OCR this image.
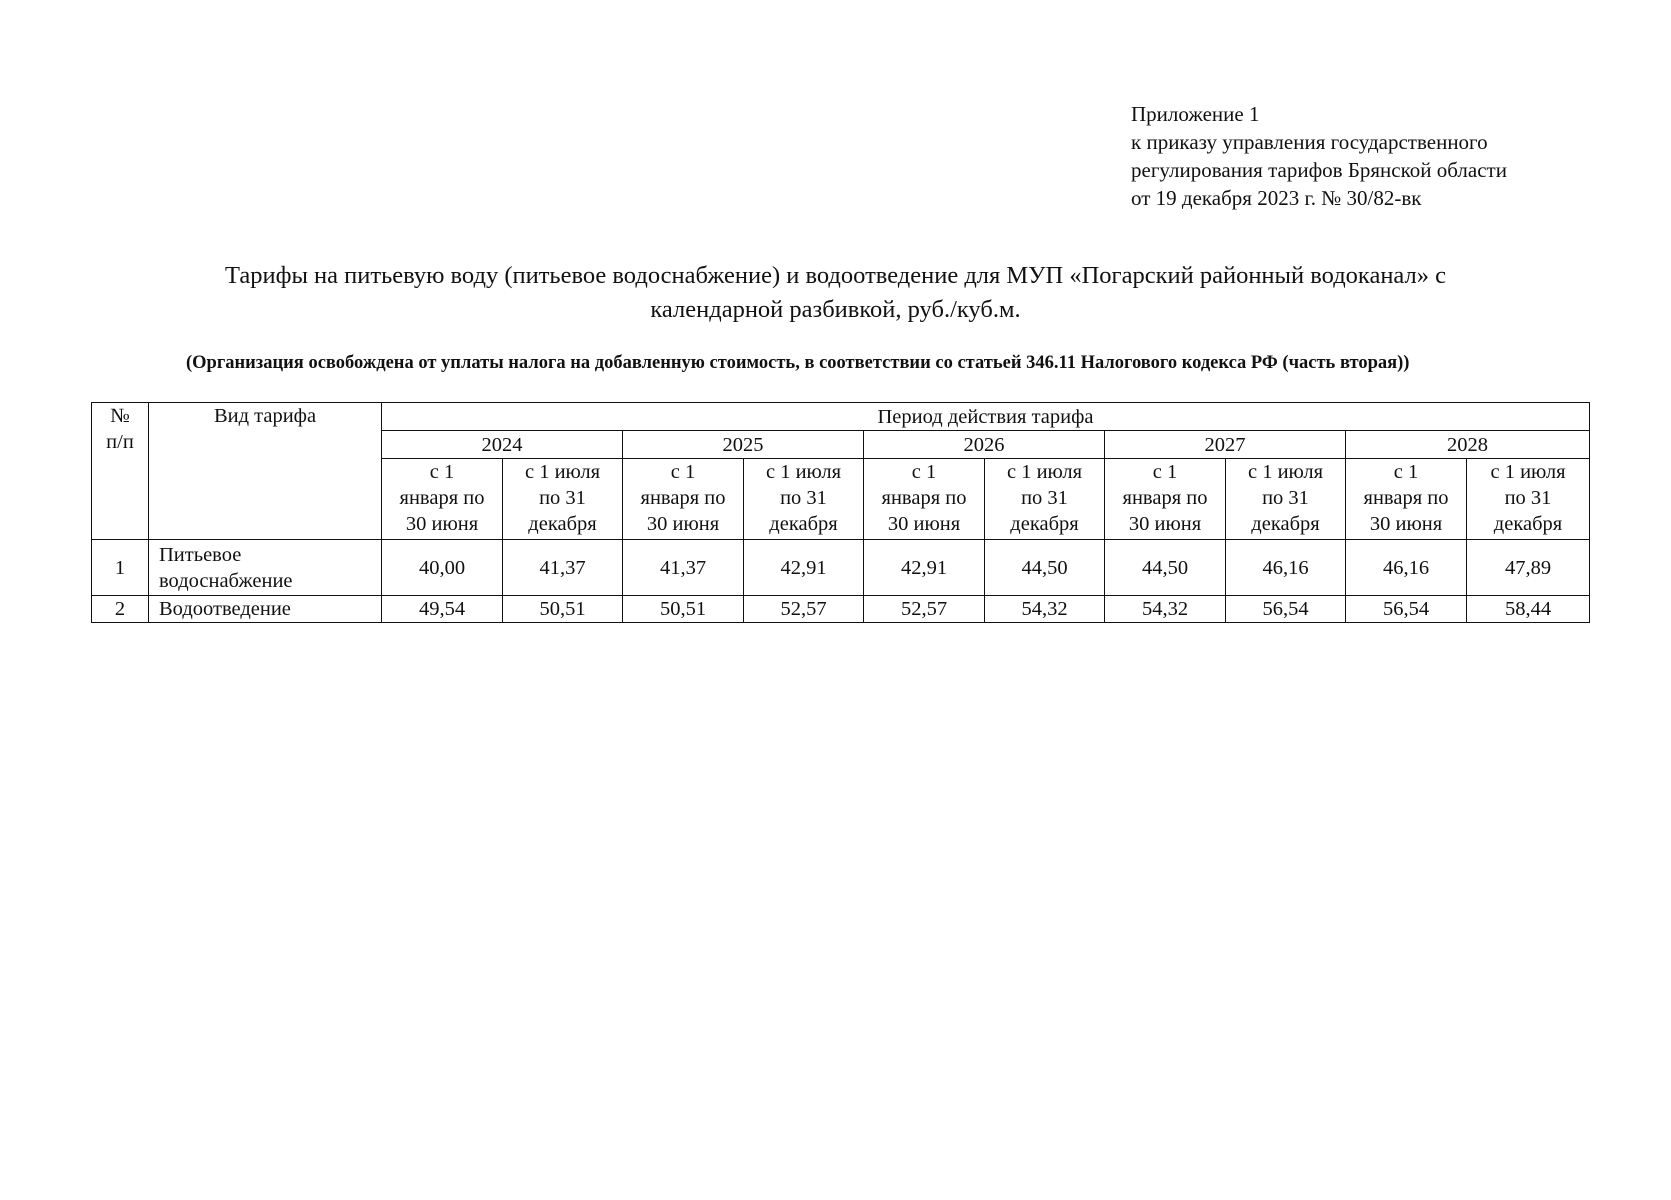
Приложение 1
к приказу управления государственного
регулирования тарифов Брянской области
от 19 декабря 2023 г. № 30/82-вк
Тарифы на питьевую воду (питьевое водоснабжение) и водоотведение для МУП «Погарский районный водоканал» с
календарной разбивкой, руб./куб.м.
(Организация освобождена от уплаты налога на добавленную стоимость, в соответствии со статьей 346.11 Налогового кодекса РФ (часть вторая))
№
п/п	Вид тарифа	Период действия тарифа									
		2024		2025		2026		2027		2028	

		с 1
января по
30 июня	с 1 июля
по 31
декабря	с 1
января по
30 июня	с 1 июля
по 31
декабря	с 1
января по
30 июня	с 1 июля
по 31
декабря	с 1
января по
30 июня	с 1 июля
по 31
декабря	с 1
января по
30 июня	с 1 июля
по 31
декабря

1	Питьевое
водоснабжение	40,00	41,37	41,37	42,91	42,91	44,50	44,50	46,16	46,16	47,89
2	Водоотведение	49,54	50,51	50,51	52,57	52,57	54,32	54,32	56,54	56,54	58,44
